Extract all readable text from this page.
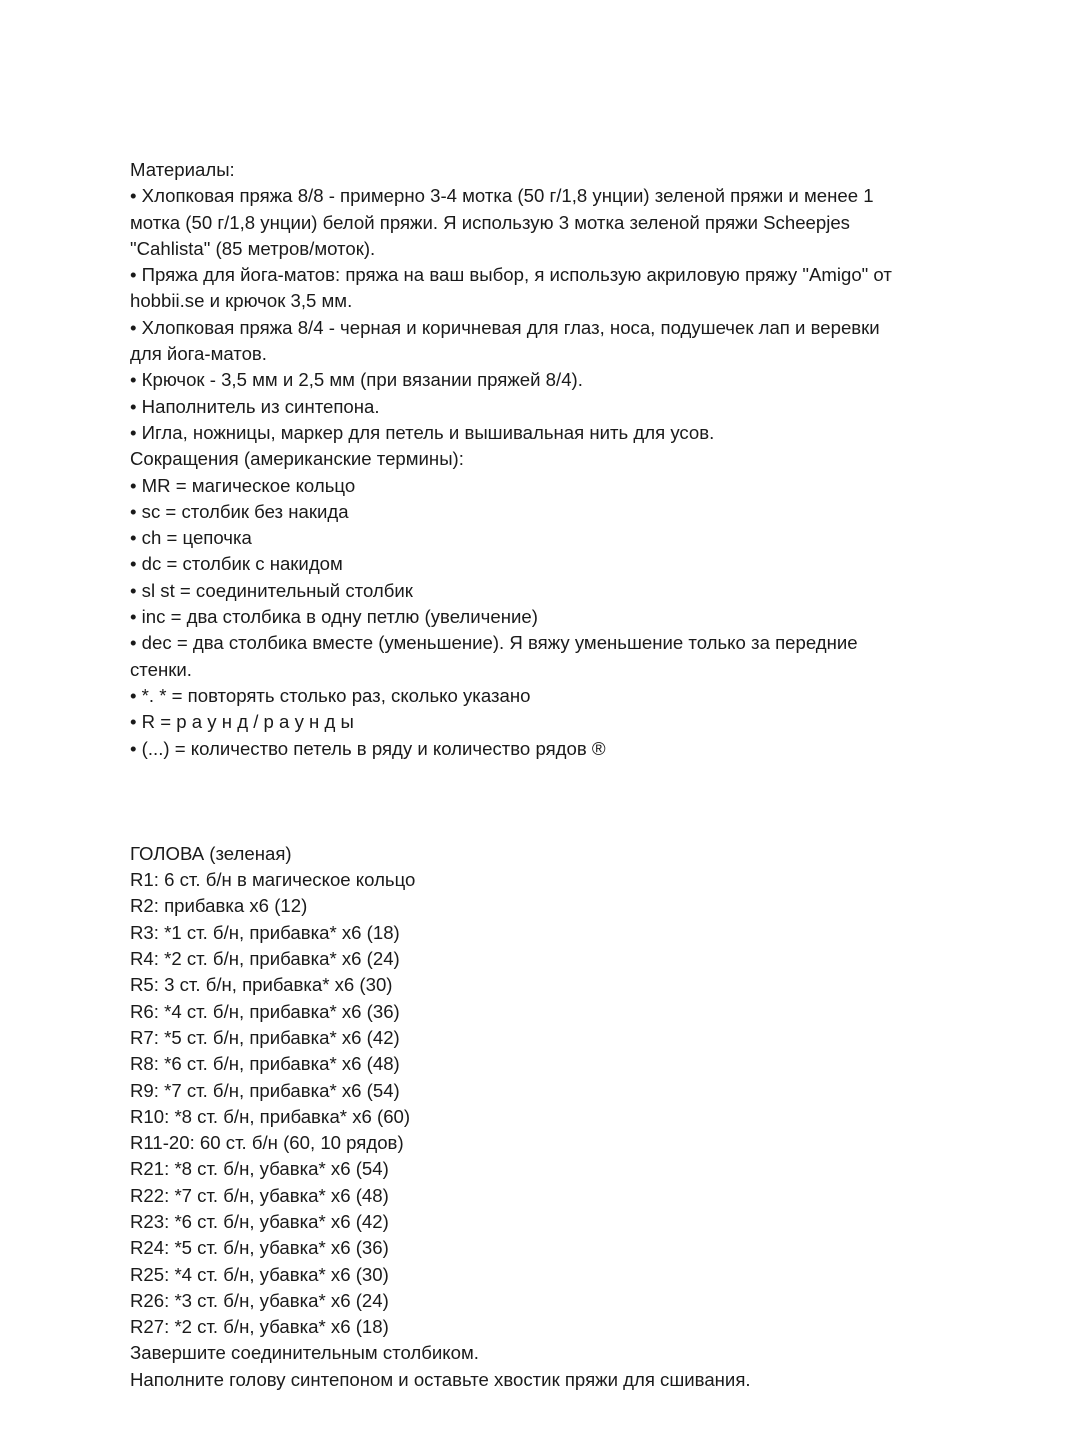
Материалы:

• Хлопковая пряжа 8/8 - примерно 3-4 мотка (50 г/1,8 унции) зеленой пряжи и менее 1

мотка (50 г/1,8 унции) белой пряжи. Я использую 3 мотка зеленой пряжи Scheepjes

"Cahlista" (85 метров/моток).

• Пряжа для йога-матов: пряжа на ваш выбор, я использую акриловую пряжу "Amigo" от

hobbii.se и крючок 3,5 мм.

• Хлопковая пряжа 8/4 - черная и коричневая для глаз, носа, подушечек лап и веревки

для йога-матов.

• Крючок - 3,5 мм и 2,5 мм (при вязании пряжей 8/4).

• Наполнитель из синтепона.

• Игла, ножницы, маркер для петель и вышивальная нить для усов.

Сокращения (американские термины):

• MR = магическое кольцо

• sc = столбик без накида

• ch = цепочка

• dc = столбик с накидом

• sl st = соединительный столбик

• inc = два столбика в одну петлю (увеличение)

• dec = два столбика вместе (уменьшение). Я вяжу уменьшение только за передние

стенки.

• *. * = повторять столько раз, сколько указано

• R = р а у н д / р а у н д ы

• (...) = количество петель в ряду и количество рядов ®

ГОЛОВА (зеленая)

R1: 6 ст. б/н в магическое кольцо

R2: прибавка x6 (12)

R3: *1 ст. б/н, прибавка* x6 (18)

R4: *2 ст. б/н, прибавка* x6 (24)

R5: 3 ст. б/н, прибавка* x6 (30)

R6: *4 ст. б/н, прибавка* x6 (36)

R7: *5 ст. б/н, прибавка* x6 (42)

R8: *6 ст. б/н, прибавка* x6 (48)

R9: *7 ст. б/н, прибавка* x6 (54)

R10: *8 ст. б/н, прибавка* x6 (60)

R11-20: 60 ст. б/н (60, 10 рядов)

R21: *8 ст. б/н, убавка* x6 (54)

R22: *7 ст. б/н, убавка* x6 (48)

R23: *6 ст. б/н, убавка* x6 (42)

R24: *5 ст. б/н, убавка* x6 (36)

R25: *4 ст. б/н, убавка* x6 (30)

R26: *3 ст. б/н, убавка* x6 (24)

R27: *2 ст. б/н, убавка* x6 (18)

Завершите соединительным столбиком.

Наполните голову синтепоном и оставьте хвостик пряжи для сшивания.
